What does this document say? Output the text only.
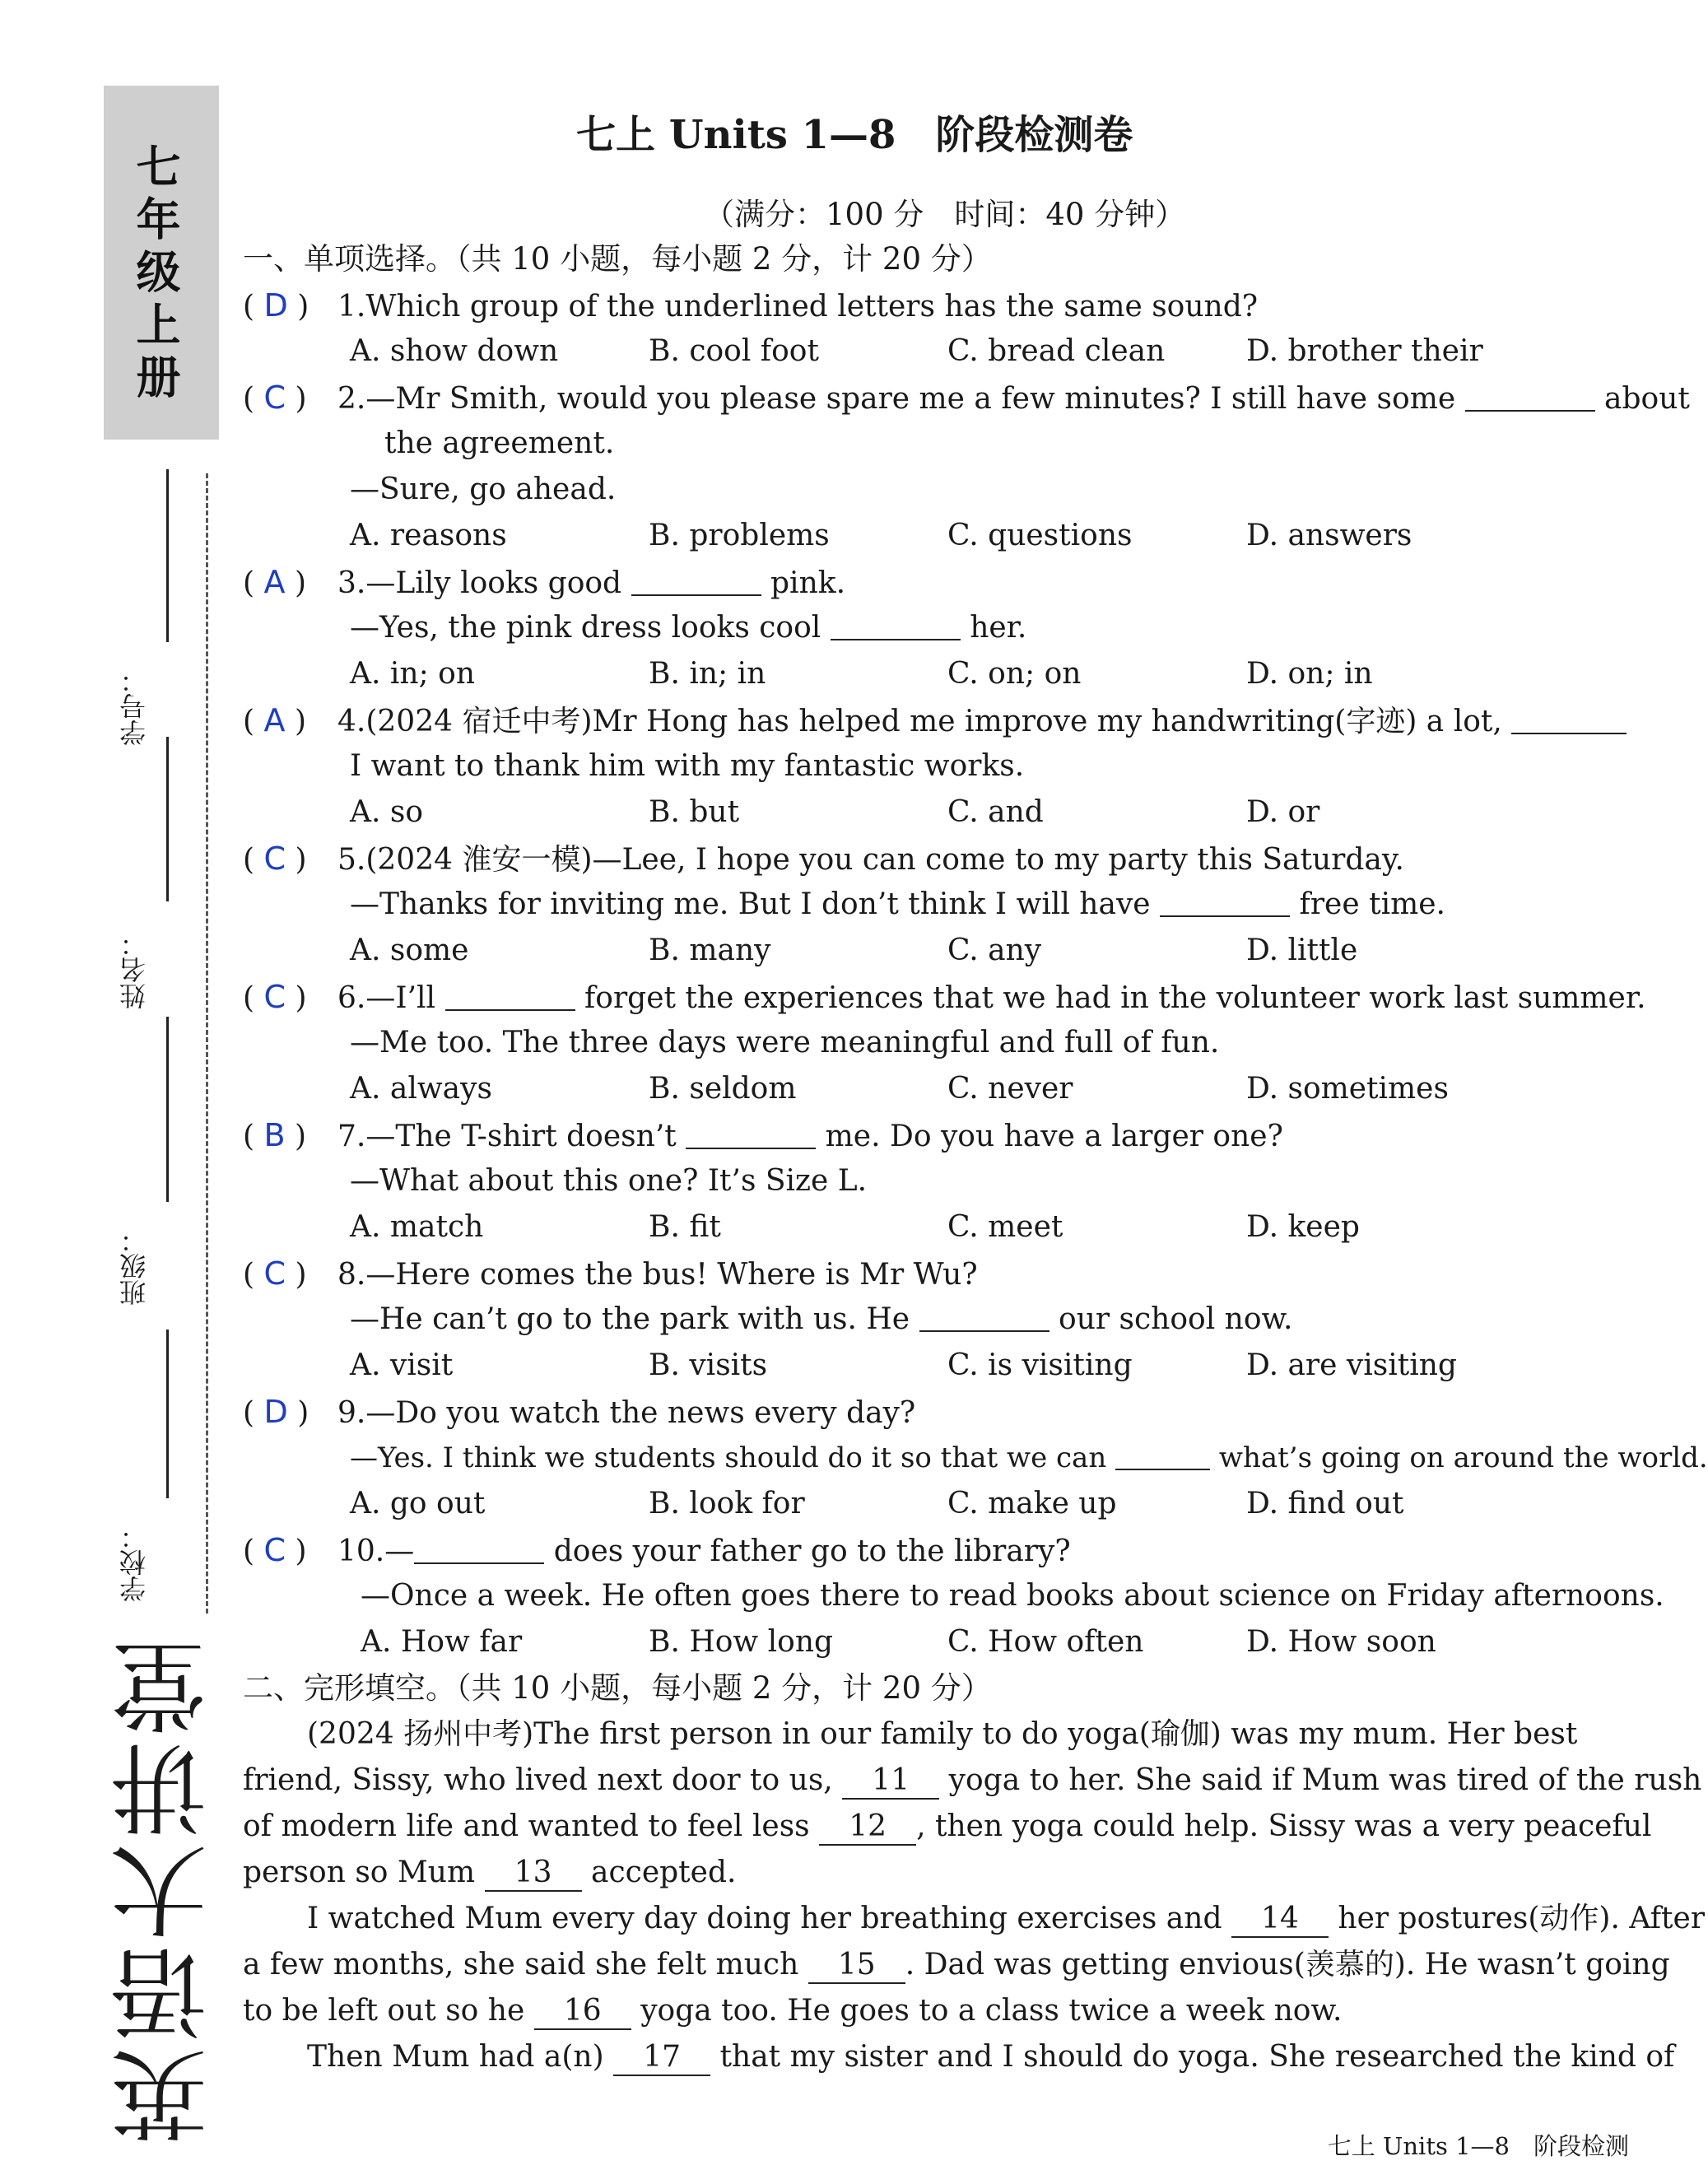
七年级上册
学号：
姓名：
班级：
学校：
英语大讲堂
七上 Units 1—8　阶段检测卷
（满分：100 分　时间：40 分钟）
一、单项选择。（共 10 小题，每小题 2 分，计 20 分）
( D ) 1.Which group of the underlined letters has the same sound?
A. show down	B. cool foot	C. bread clean	D. brother their
( C ) 2.—Mr Smith, would you please spare me a few minutes? I still have some	about
the agreement.
—Sure, go ahead.
A. reasons	B. problems	C. questions	D. answers
( A ) 3.—Lily looks good	pink.
—Yes, the pink dress looks cool	her.
A. in; on	B. in; in	C. on; on	D. on; in
( A ) 4.(2024 宿迁中考)Mr Hong has helped me improve my handwriting(字迹) a lot,
I want to thank him with my fantastic works.
A. so	B. but	C. and	D. or
( C ) 5.(2024 淮安一模)—Lee, I hope you can come to my party this Saturday.
—Thanks for inviting me. But I don’t think I will have	free time.
A. some	B. many	C. any	D. little
( C ) 6.—I’ll	forget the experiences that we had in the volunteer work last summer.
—Me too. The three days were meaningful and full of fun.
A. always	B. seldom	C. never	D. sometimes
( B ) 7.—The T-shirt doesn’t	me. Do you have a larger one?
—What about this one? It’s Size L.
A. match	B. fit	C. meet	D. keep
( C ) 8.—Here comes the bus! Where is Mr Wu?
—He can’t go to the park with us. He	our school now.
A. visit	B. visits	C. is visiting	D. are visiting
( D ) 9.—Do you watch the news every day?
—Yes. I think we students should do it so that we can	what’s going on around the world.
A. go out	B. look for	C. make up	D. find out
( C ) 10.—	does your father go to the library?
—Once a week. He often goes there to read books about science on Friday afternoons.
A. How far	B. How long	C. How often	D. How soon
二、完形填空。（共 10 小题，每小题 2 分，计 20 分）
(2024 扬州中考)The first person in our family to do yoga(瑜伽) was my mum. Her best
friend, Sissy, who lived next door to us, 11 yoga to her. She said if Mum was tired of the rush
of modern life and wanted to feel less 12 , then yoga could help. Sissy was a very peaceful
person so Mum 13 accepted.
I watched Mum every day doing her breathing exercises and 14 her postures(动作). After
a few months, she said she felt much 15 . Dad was getting envious(羡慕的). He wasn’t going
to be left out so he 16 yoga too. He goes to a class twice a week now.
Then Mum had a(n) 17 that my sister and I should do yoga. She researched the kind of
七上 Units 1—8　阶段检测
